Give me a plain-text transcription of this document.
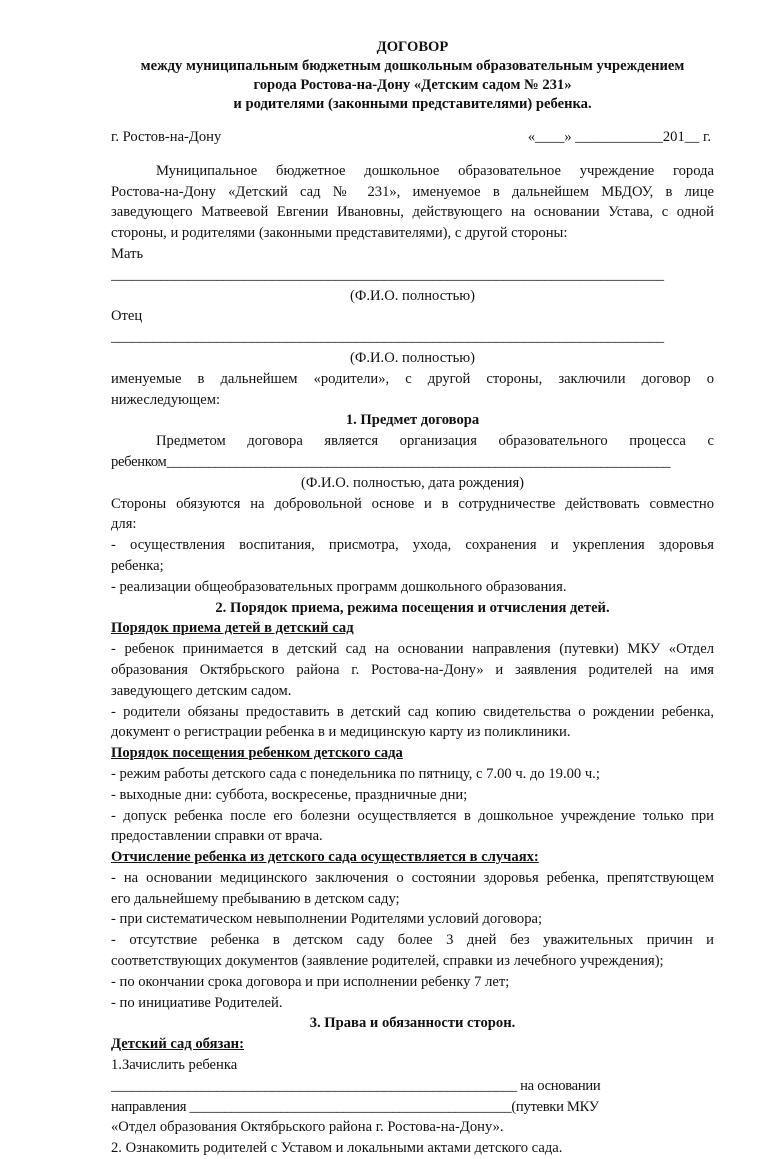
ДОГОВОР
между муниципальным бюджетным дошкольным образовательным учреждением
города Ростова-на-Дону «Детским садом № 231»
и родителями (законными представителями) ребенка.
г. Ростов-на-Дону	«____» ____________201__ г.
Муниципальное бюджетное дошкольное образовательное учреждение города
Ростова-на-Дону «Детский сад № 231», именуемое в дальнейшем МБДОУ, в лице
заведующего Матвеевой Евгении Ивановны, действующего на основании Устава, с одной
стороны, и родителями (законными представителями), с другой стороны:
Мать
_______________________________________________________________________________
(Ф.И.О. полностью)
Отец
_______________________________________________________________________________
(Ф.И.О. полностью)
именуемые в дальнейшем «родители», с другой стороны, заключили договор о
нижеследующем:
1. Предмет договора
Предметом договора является организация образовательного процесса с
ребенком________________________________________________________________________
(Ф.И.О. полностью, дата рождения)
Стороны обязуются на добровольной основе и в сотрудничестве действовать совместно
для:
- осуществления воспитания, присмотра, ухода, сохранения и укрепления здоровья
ребенка;
- реализации общеобразовательных программ дошкольного образования.
2. Порядок приема, режима посещения и отчисления детей.
Порядок приема детей в детский сад
- ребенок принимается в детский сад на основании направления (путевки) МКУ «Отдел
образования Октябрьского района г. Ростова-на-Дону» и заявления родителей на имя
заведующего детским садом.
- родители обязаны предоставить в детский сад копию свидетельства о рождении ребенка,
документ о регистрации ребенка в и медицинскую карту из поликлиники.
Порядок посещения ребенком детского сада
- режим работы детского сада с понедельника по пятницу, с 7.00 ч. до 19.00 ч.;
- выходные дни: суббота, воскресенье, праздничные дни;
- допуск ребенка после его болезни осуществляется в дошкольное учреждение только при
предоставлении справки от врача.
Отчисление ребенка из детского сада осуществляется в случаях:
- на основании медицинского заключения о состоянии здоровья ребенка, препятствующем
его дальнейшему пребыванию в детском саду;
- при систематическом невыполнении Родителями условий договора;
- отсутствие ребенка в детском саду более 3 дней без уважительных причин и
соответствующих документов (заявление родителей, справки из лечебного учреждения);
- по окончании срока договора и при исполнении ребенку 7 лет;
- по инициативе Родителей.
3. Права и обязанности сторон.
Детский сад обязан:
1.Зачислить ребенка
__________________________________________________________ на основании
направления ______________________________________________(путевки МКУ
«Отдел образования Октябрьского района г. Ростова-на-Дону».
2. Ознакомить родителей с Уставом и локальными актами детского сада.
